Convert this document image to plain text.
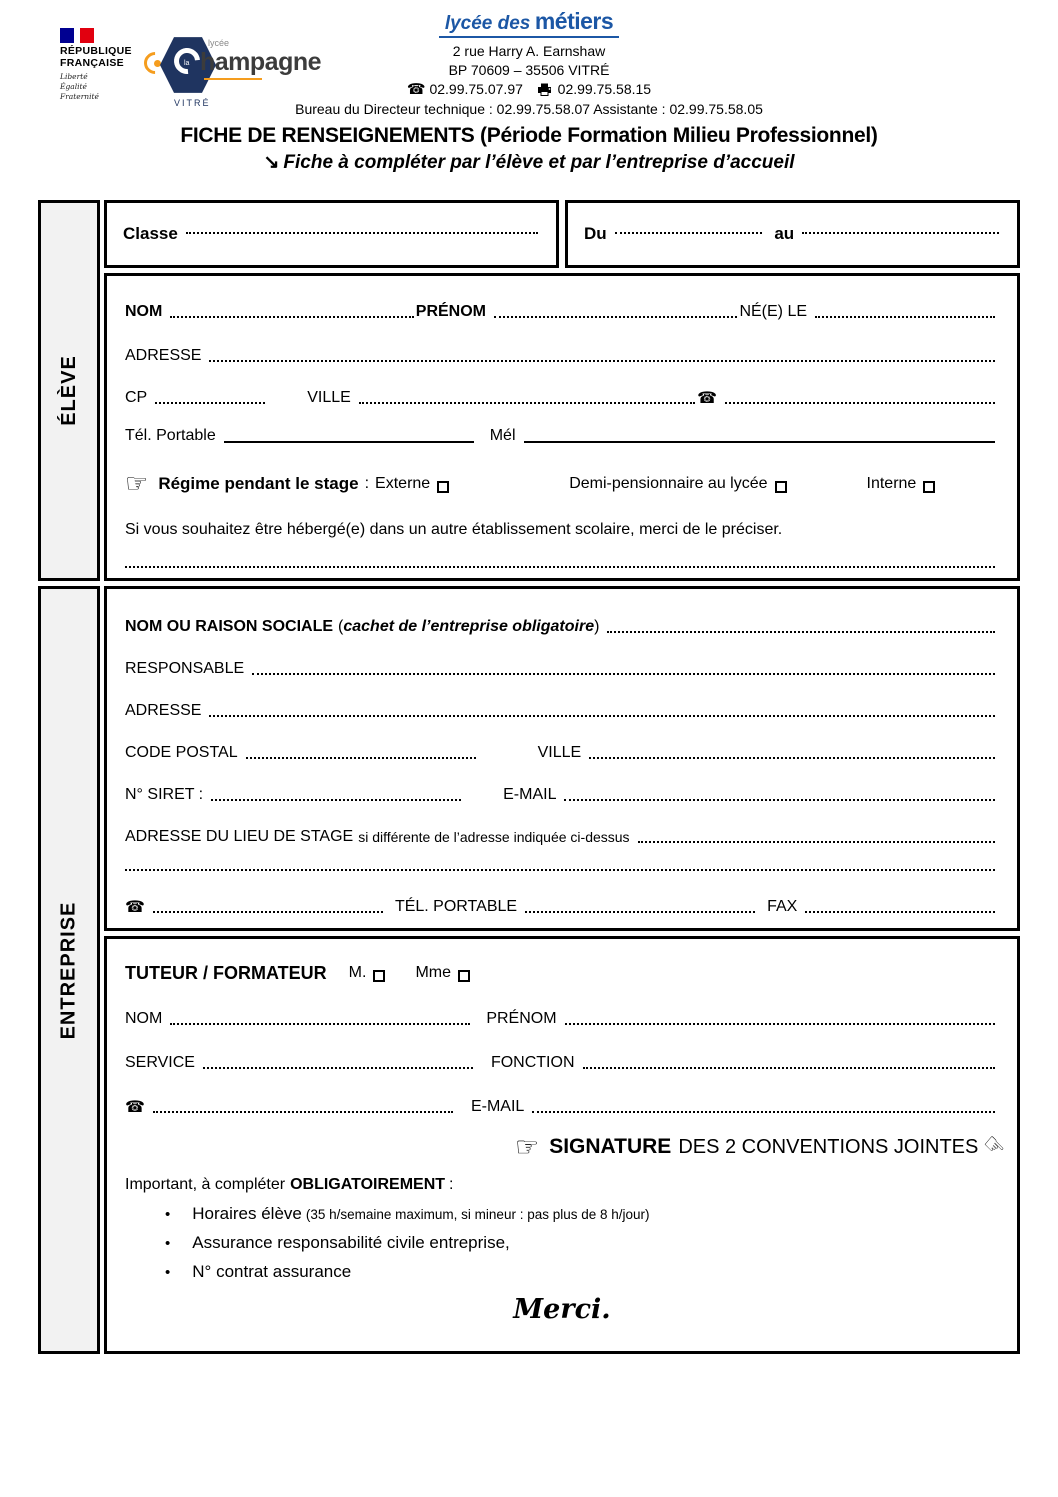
RÉPUBLIQUE
FRANÇAISE
Liberté
Égalité
Fraternité
la
lycée
hampagne
VITRÉ
lycée des métiers
2 rue Harry A. Earnshaw
BP 70609 – 35506 VITRÉ
☎ 02.99.75.07.97 02.99.75.58.15
Bureau du Directeur technique : 02.99.75.58.07 Assistante : 02.99.75.58.05
FICHE DE RENSEIGNEMENTS (Période Formation Milieu Professionnel)
↘ Fiche à compléter par l’élève et par l’entreprise d’accueil
ÉLÈVE
Classe	Du	au
NOM	PRÉNOM	NÉ(E) LE
ADRESSE
CP	VILLE	☎
Tél. Portable	Mél
☞ Régime pendant le stage : Externe	Demi-pensionnaire au lycée	Interne
Si vous souhaitez être hébergé(e) dans un autre établissement scolaire, merci de le préciser.
ENTREPRISE
NOM OU RAISON SOCIALE ( cachet de l’entreprise obligatoire )
RESPONSABLE
ADRESSE
CODE POSTAL	VILLE
N° SIRET :	E-MAIL
ADRESSE DU LIEU DE STAGE si différente de l’adresse indiquée ci-dessus
☎	TÉL. PORTABLE	FAX
TUTEUR / FORMATEUR M.	Mme
NOM	PRÉNOM
SERVICE	FONCTION
☎	E-MAIL
☞ SIGNATURE DES 2 CONVENTIONS JOINTES ☟
Important, à compléter OBLIGATOIREMENT :
• Horaires élève (35 h/semaine maximum, si mineur : pas plus de 8 h/jour)
• Assurance responsabilité civile entreprise,
• N° contrat assurance
Merci.
